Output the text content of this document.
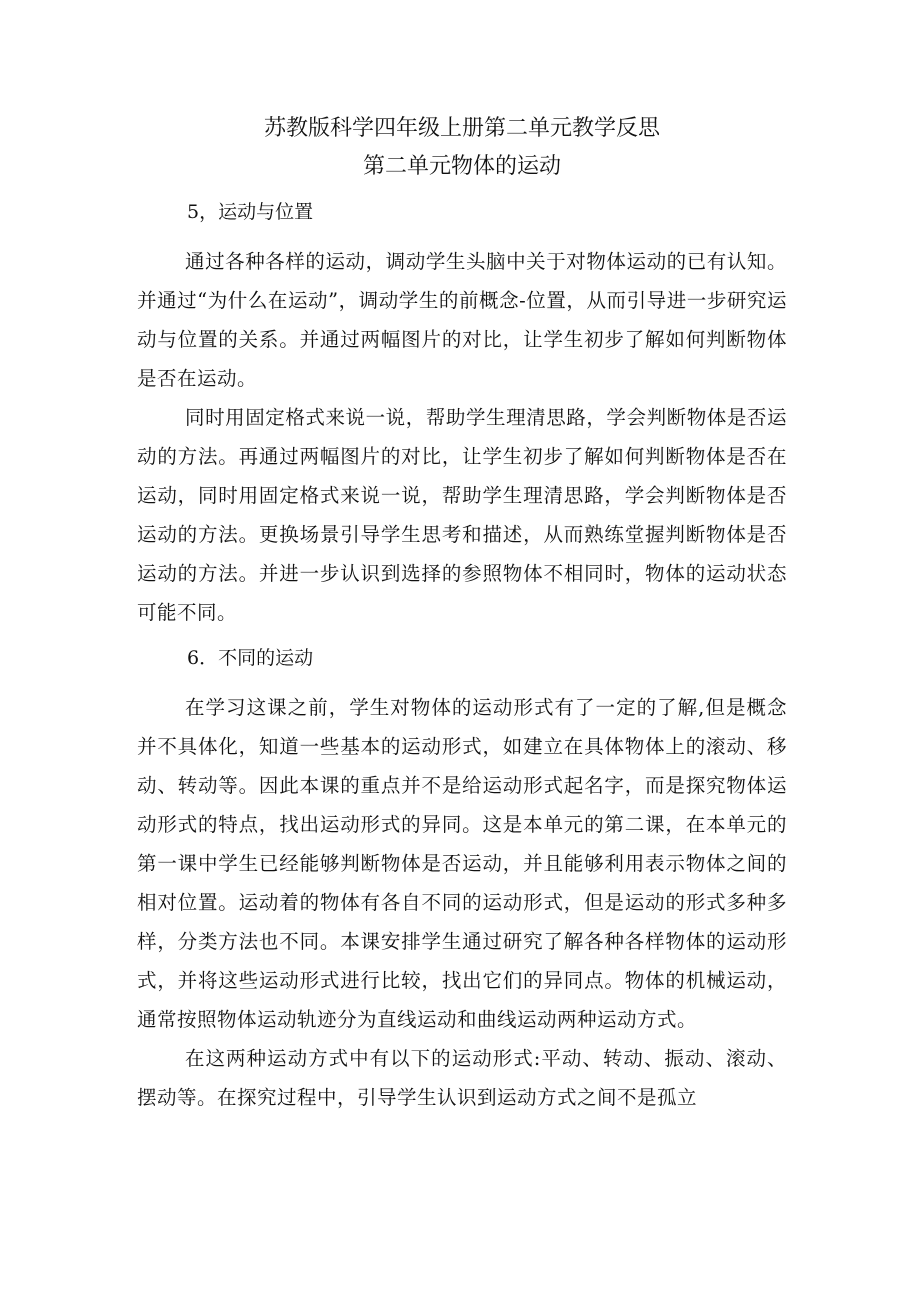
苏教版科学四年级上册第二单元教学反思
第二单元物体的运动
5，运动与位置

通过各种各样的运动，调动学生头脑中关于对物体运动的已有认知。并通过“为什么在运动”，调动学生的前概念-位置，从而引导进一步研究运动与位置的关系。并通过两幅图片的对比，让学生初步了解如何判断物体是否在运动。

同时用固定格式来说一说，帮助学生理清思路，学会判断物体是否运动的方法。再通过两幅图片的对比，让学生初步了解如何判断物体是否在运动，同时用固定格式来说一说，帮助学生理清思路，学会判断物体是否运动的方法。更换场景引导学生思考和描述，从而熟练堂握判断物体是否运动的方法。并进一步认识到选择的参照物体不相同时，物体的运动状态可能不同。

6．不同的运动

在学习这课之前，学生对物体的运动形式有了一定的了解,但是概念并不具体化，知道一些基本的运动形式，如建立在具体物体上的滚动、移动、转动等。因此本课的重点并不是给运动形式起名字，而是探究物体运动形式的特点，找出运动形式的异同。这是本单元的第二课，在本单元的第一课中学生已经能够判断物体是否运动，并且能够利用表示物体之间的相对位置。运动着的物体有各自不同的运动形式，但是运动的形式多种多样，分类方法也不同。本课安排学生通过研究了解各种各样物体的运动形式，并将这些运动形式进行比较，找出它们的异同点。物体的机械运动，通常按照物体运动轨迹分为直线运动和曲线运动两种运动方式。

在这两种运动方式中有以下的运动形式:平动、转动、振动、滚动、摆动等。在探究过程中，引导学生认识到运动方式之间不是孤立
